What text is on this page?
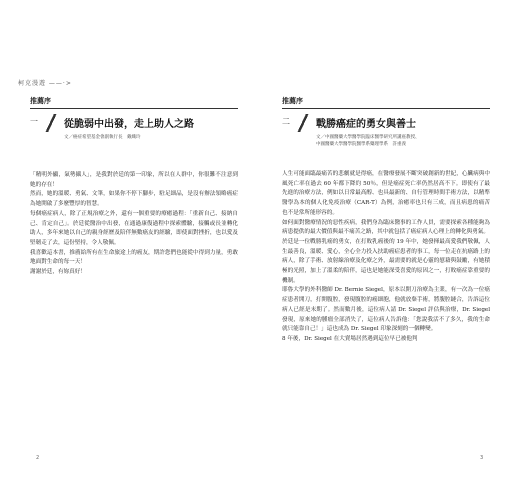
柯克漫遊 ——·>
推薦序
一	從脆弱中出發，走上助人之路
文／癌症希望基金會副執行長　戴織玲

「精明外顯，氣勢攝人」，是我對於廷的第一印象，所以在人群中，你很難不注意到她的存在！

然而，她的溫暖、勇氣、文筆，如果你不停下腳步，駐足細品，是沒有辦法領略癌症為她開啟了多麼豐厚的智慧。

每個癌症病人，除了正規治療之外，還有一個重要的療癒過程：「重新自己、接納自己、肯定自己」。於廷從醫治中出發，在通過康復過程中探索體驗，接觸或長並轉化助人，多年來她以自己的親身經歷及陪伴無數癌友的經驗，即使面對挫折，也以愛及堅韌走了去，這份堅持，令人敬佩。

我喜歡這本書，推薦給所有在生命旅途上的癌友，期許您們也能從中得到力量，勇敢地面對生命的每一天！

謝謝於廷，有妳真好！

推薦序
二	戰勝癌症的勇女與善士
文／中國醫藥大學醫學院臨床醫學研究所講座教授、
中國醫藥大學醫學院醫學系藥理學系　許重義

人生可能面臨最痛苦的悲劇就是得癌，在醫療發展不斷突破創新的世紀，心臟病與中風死亡率在過去 60 年都下降約 50％，但是癌症死亡率仍然居高不下。即使有了最先進的治療方法，例如以日常最高醇、也具最新的、自行管理時間手術方法，以精準醫學為本的個人化免疫治療（CAR-T）為例，治癒率也只有三成，而且病患的痛苦也不是常所能形容的。

如何面對醫療情況的惡性疾病，我們身為臨床醫事的工作人員，需要探索各種能夠為病患提供的最大價值與最不痛苦之路，其中就包括了癌症病人心理上的轉化與勇氣。

於廷是一位戰勝乳癌的勇女，在打敗乳癌後的 19 年中，她發揮最高愛我們敬佩，人生最善良，溫暖、愛心，全心全力投入扶助癌症患者的事工，每一位走在抗癌路上的病人，除了手術、放射線治療及化療之外，最需要的就是心靈的慰藉與鼓勵，有她積極的光照，加上了溫柔的陪伴，這也是她能深受喜愛的原因之一，打敗癌症靠重要的機制。

耶魯大學的外科醫師 Dr. Bernie Siegel，原本以開刀治療為主業，有一次為一位癌症患者開刀，打開腹腔，發現腹腔的癌細胞，他就放棄手術，將腹腔縫合，告訴這位病人已經是末期了。然而數月後，這位病人請 Dr. Siegel 評估與治療，Dr. Siegel 發現，原來她的腫瘤全部消失了，這位病人告訴他：「您說我活不了多久，我的生命就只能靠自己！」這也成為 Dr. Siegel 印象深刻的一個轉變。

8 年後，Dr. Siegel 在大賣場居然遇到這位早已被他判

2	3
